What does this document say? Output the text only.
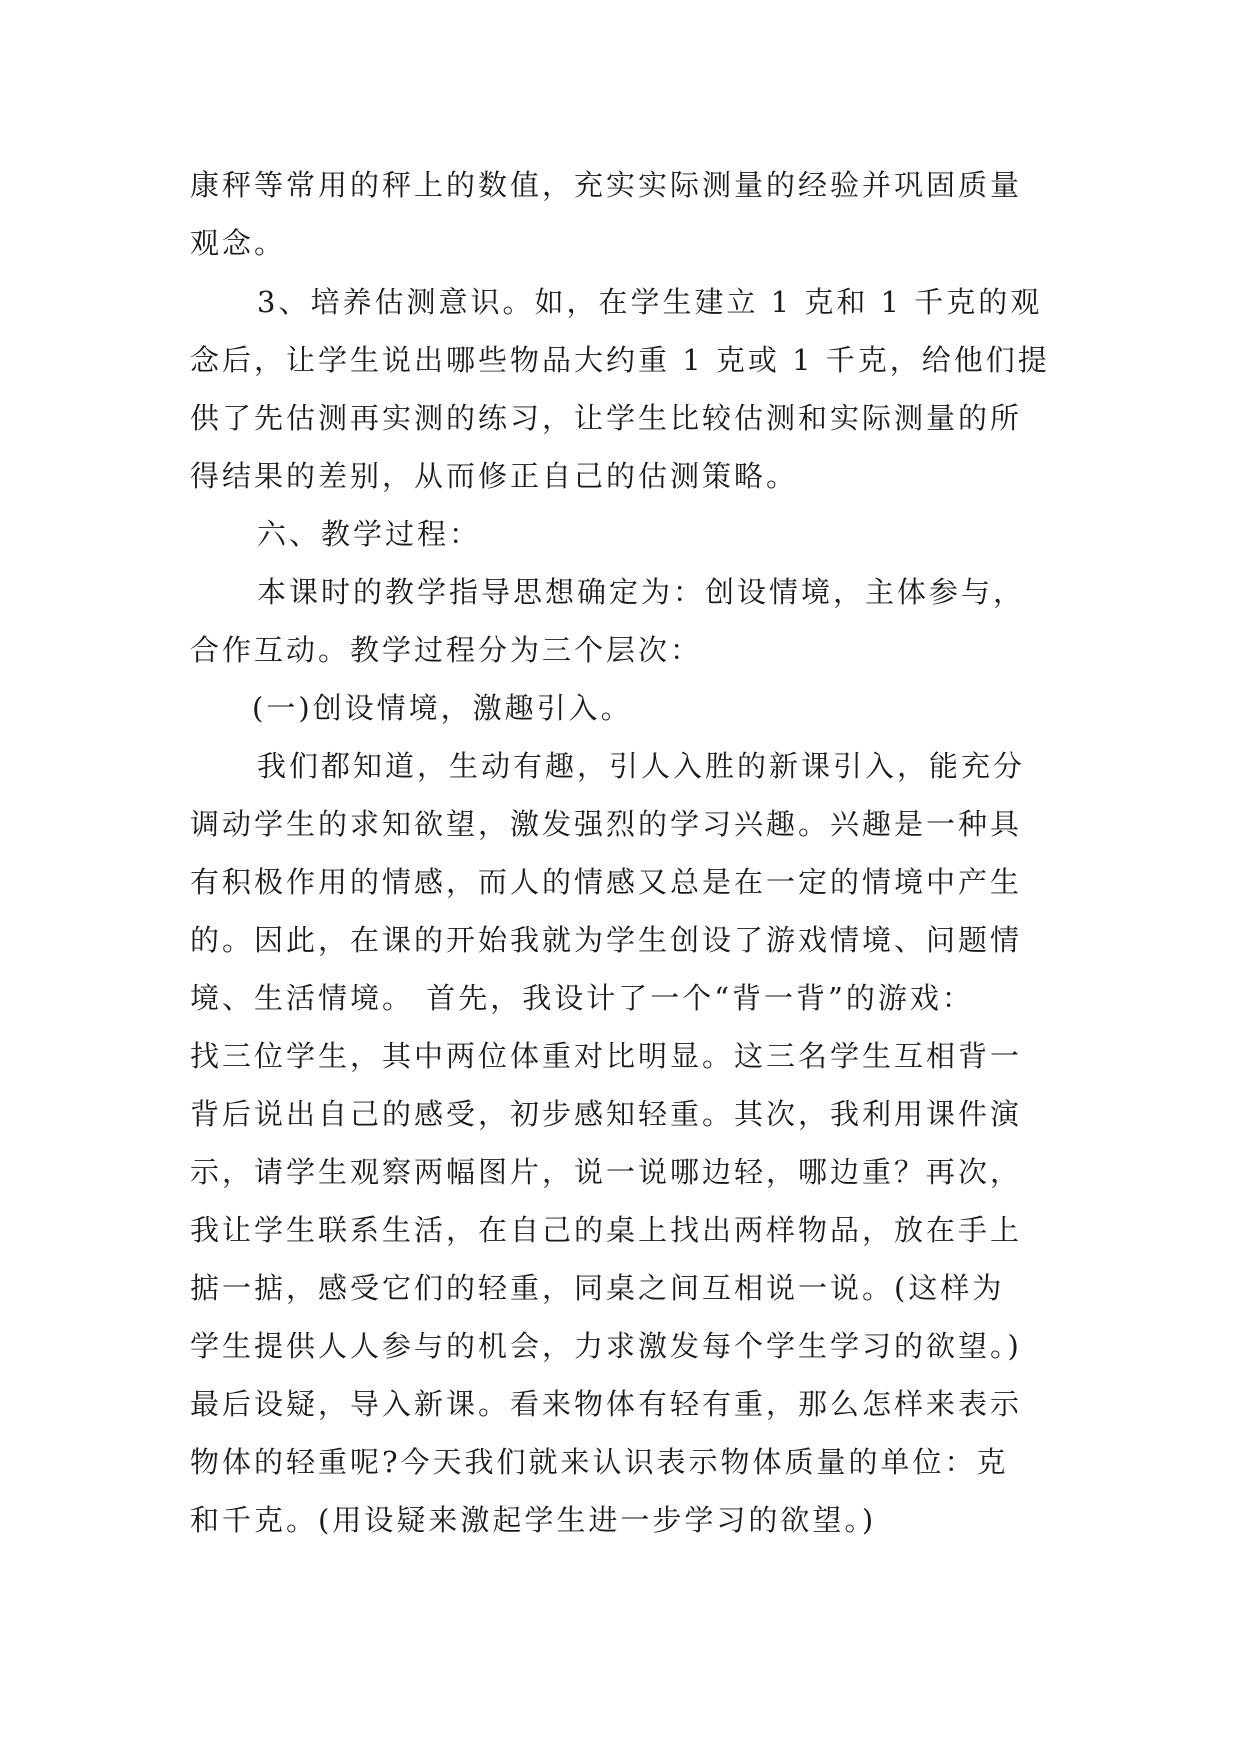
康秤等常用的秤上的数值，充实实际测量的经验并巩固质量
观念。
3、培养估测意识。如，在学生建立 1 克和 1 千克的观
念后，让学生说出哪些物品大约重 1 克或 1 千克，给他们提
供了先估测再实测的练习，让学生比较估测和实际测量的所
得结果的差别，从而修正自己的估测策略。
六、教学过程：
本课时的教学指导思想确定为：创设情境，主体参与，
合作互动。教学过程分为三个层次：
(一)创设情境，激趣引入。
我们都知道，生动有趣，引人入胜的新课引入，能充分
调动学生的求知欲望，激发强烈的学习兴趣。兴趣是一种具
有积极作用的情感，而人的情感又总是在一定的情境中产生
的。因此，在课的开始我就为学生创设了游戏情境、问题情
境、生活情境。 首先，我设计了一个“背一背”的游戏：
找三位学生，其中两位体重对比明显。这三名学生互相背一
背后说出自己的感受，初步感知轻重。其次，我利用课件演
示，请学生观察两幅图片，说一说哪边轻，哪边重？再次，
我让学生联系生活，在自己的桌上找出两样物品，放在手上
掂一掂，感受它们的轻重，同桌之间互相说一说。(这样为
学生提供人人参与的机会，力求激发每个学生学习的欲望。)
最后设疑，导入新课。看来物体有轻有重，那么怎样来表示
物体的轻重呢?今天我们就来认识表示物体质量的单位：克
和千克。(用设疑来激起学生进一步学习的欲望。)
